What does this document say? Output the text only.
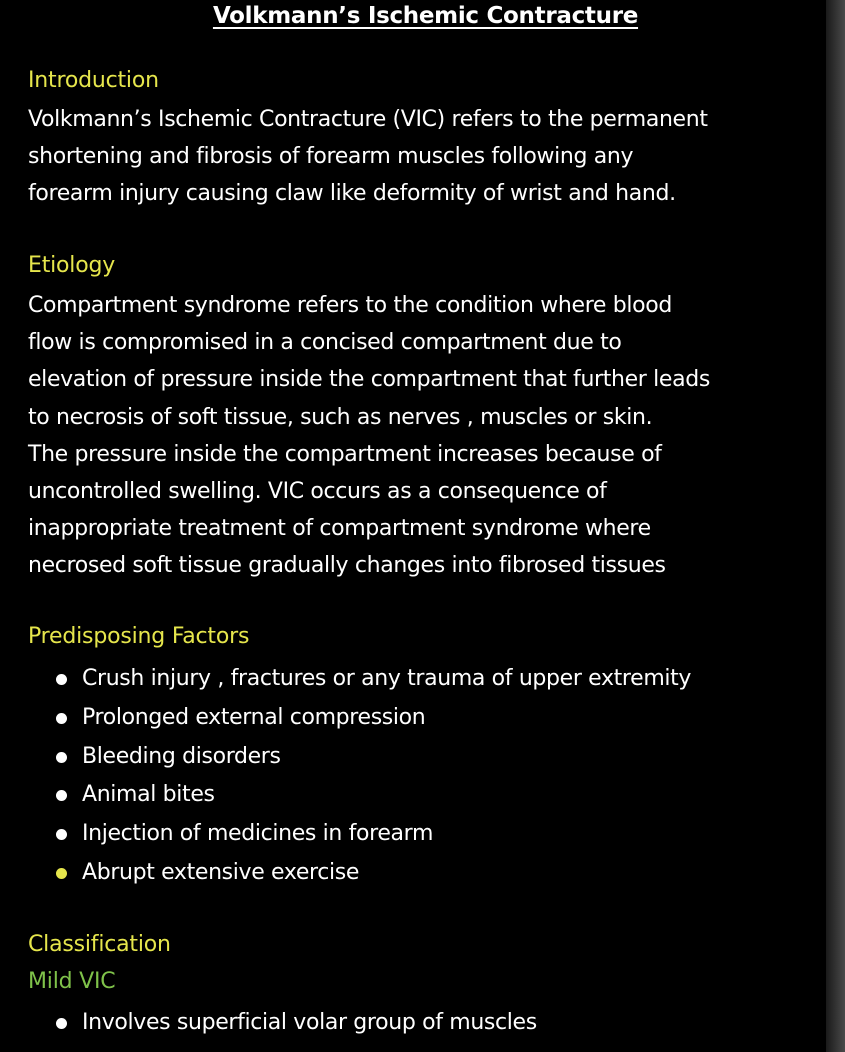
Volkmann’s Ischemic Contracture
Introduction
Volkmann’s Ischemic Contracture (VIC) refers to the permanent
shortening and fibrosis of forearm muscles following any
forearm injury causing claw like deformity of wrist and hand.
Etiology
Compartment syndrome refers to the condition where blood
flow is compromised in a concised compartment due to
elevation of pressure inside the compartment that further leads
to necrosis of soft tissue, such as nerves , muscles or skin.
The pressure inside the compartment increases because of
uncontrolled swelling. VIC occurs as a consequence of
inappropriate treatment of compartment syndrome where
necrosed soft tissue gradually changes into fibrosed tissues
Predisposing Factors
Crush injury , fractures or any trauma of upper extremity
Prolonged external compression
Bleeding disorders
Animal bites
Injection of medicines in forearm
Abrupt extensive exercise
Classification
Mild VIC
Involves superficial volar group of muscles
